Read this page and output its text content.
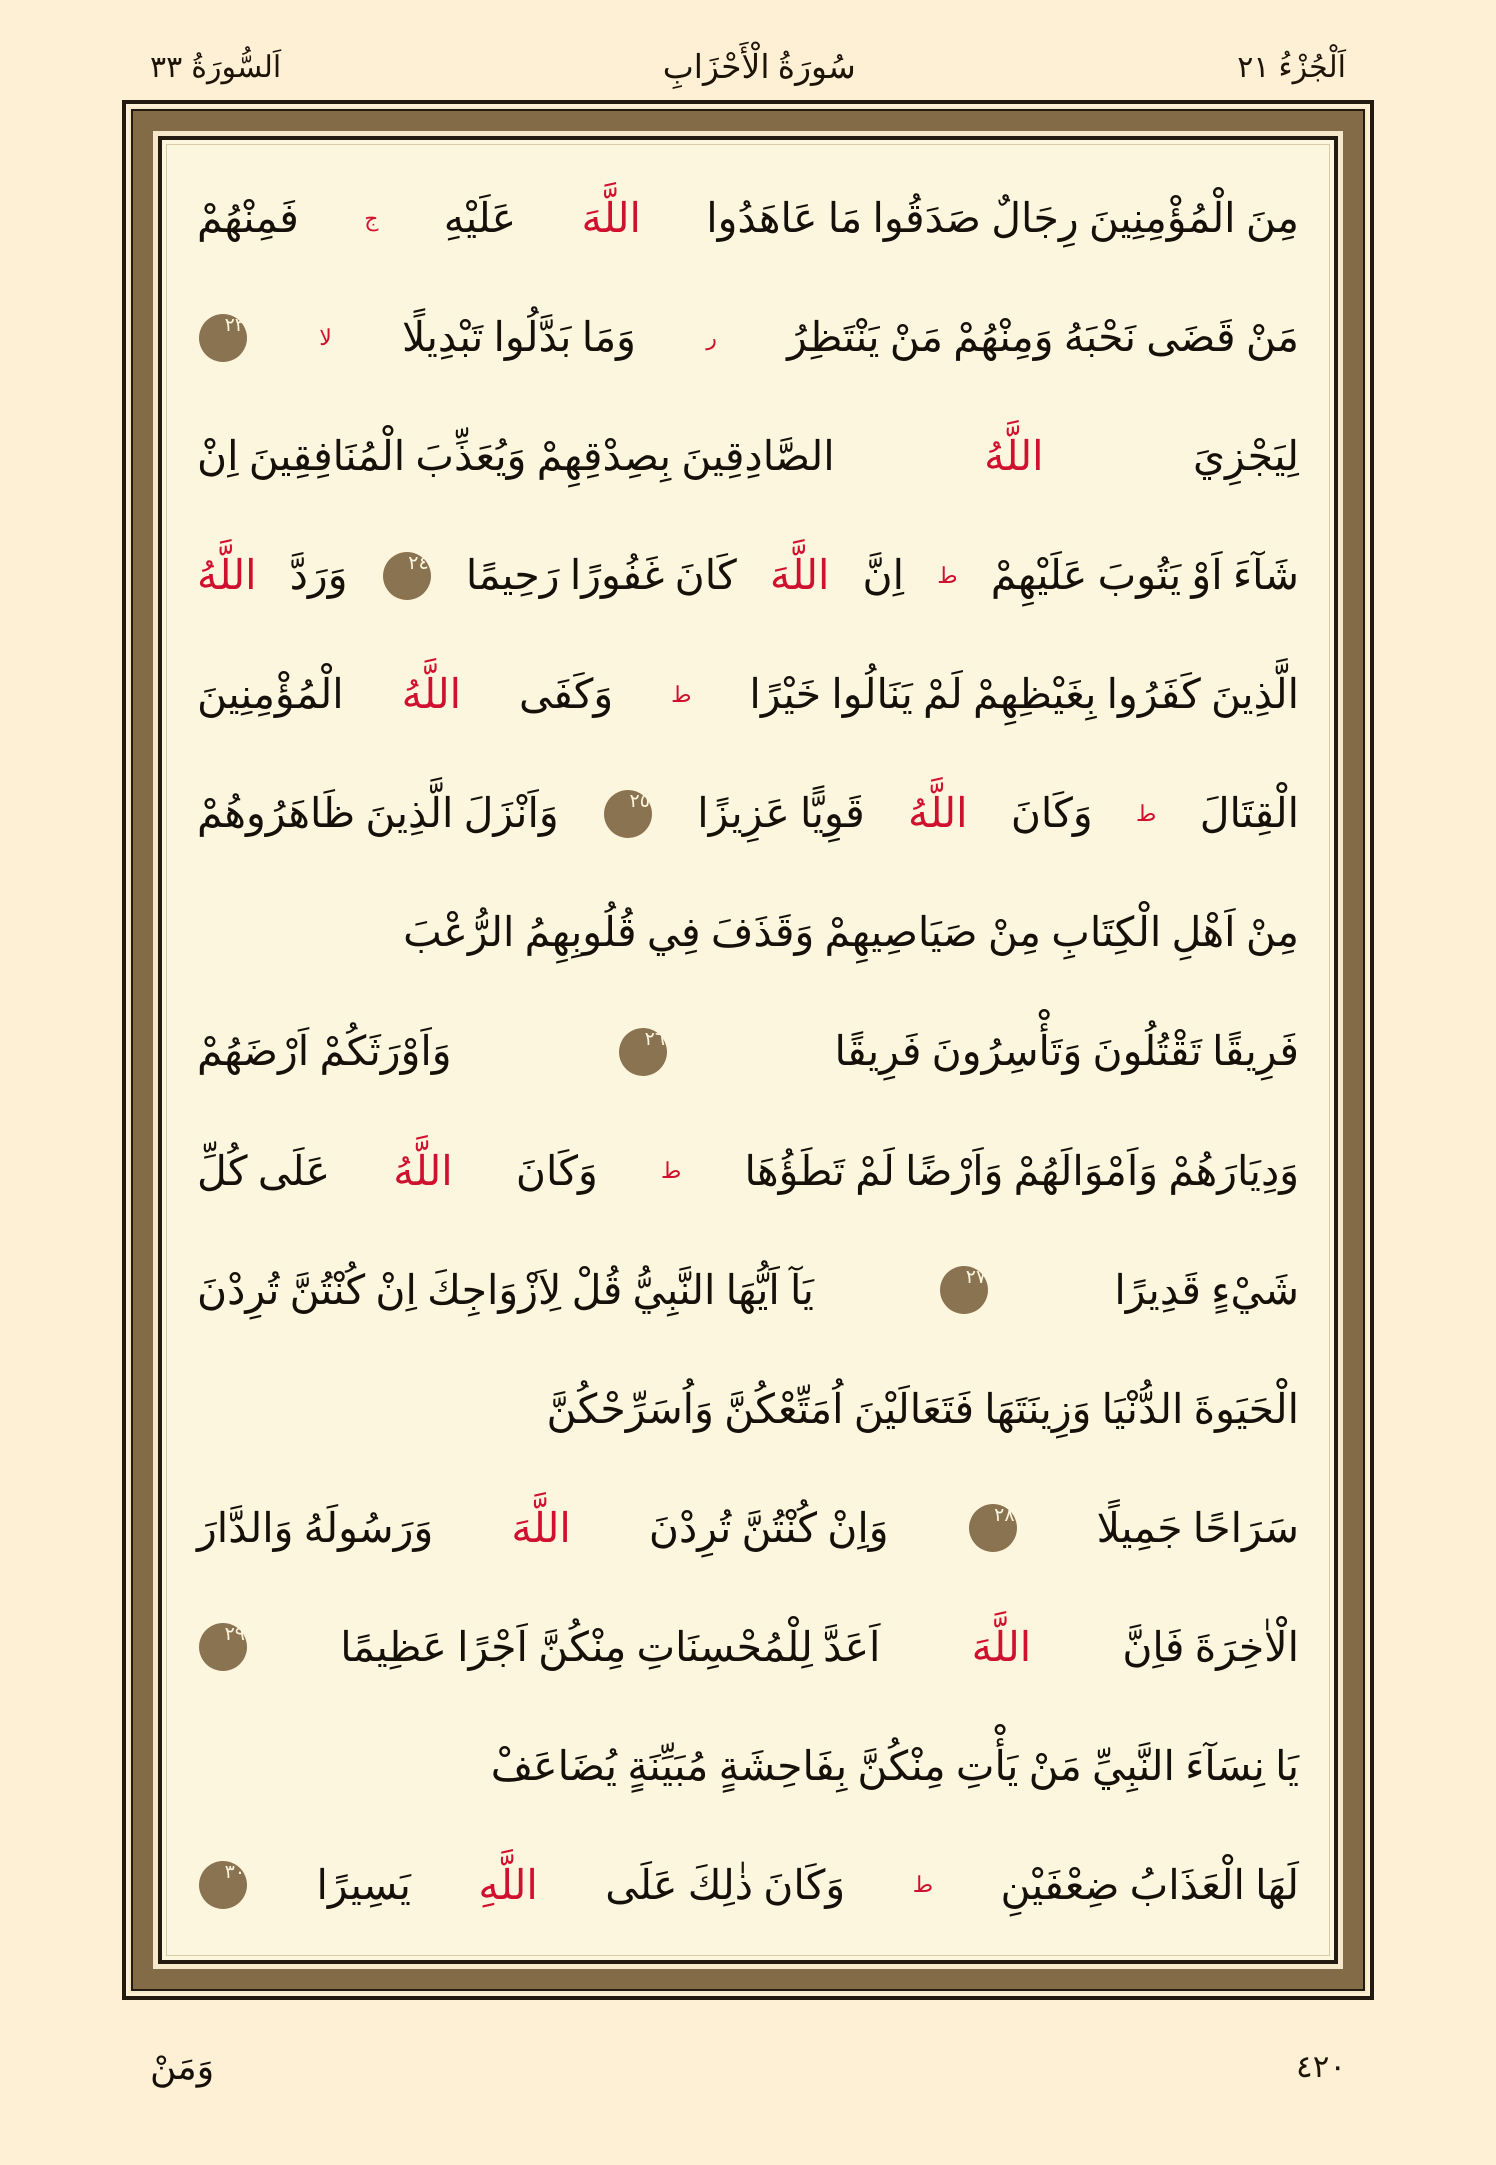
اَلْجُزْءُ
٢١
سُورَةُ الْأَحْزَابِ
اَلسُّورَةُ
٣٣
مِنَ الْمُؤْمِنِينَ رِجَالٌ صَدَقُوا مَا عَاهَدُوا
اللَّهَ
عَلَيْهِ
ج
فَمِنْهُمْ
مَنْ قَضَى نَحْبَهُ وَمِنْهُمْ مَنْ يَنْتَظِرُ
ر
وَمَا بَدَّلُوا تَبْدِيلًا
لا
٢٣
لِيَجْزِيَ
اللَّهُ
الصَّادِقِينَ بِصِدْقِهِمْ وَيُعَذِّبَ الْمُنَافِقِينَ اِنْ
شَآءَ اَوْ يَتُوبَ عَلَيْهِمْ
ط
اِنَّ
اللَّهَ
كَانَ غَفُورًا رَحِيمًا
٢٤
وَرَدَّ
اللَّهُ
الَّذِينَ كَفَرُوا بِغَيْظِهِمْ لَمْ يَنَالُوا خَيْرًا
ط
وَكَفَى
اللَّهُ
الْمُؤْمِنِينَ
الْقِتَالَ
ط
وَكَانَ
اللَّهُ
قَوِيًّا عَزِيزًا
٢٥
وَاَنْزَلَ الَّذِينَ ظَاهَرُوهُمْ
مِنْ اَهْلِ الْكِتَابِ مِنْ صَيَاصِيهِمْ وَقَذَفَ فِي قُلُوبِهِمُ الرُّعْبَ
فَرِيقًا تَقْتُلُونَ وَتَأْسِرُونَ فَرِيقًا
٢٦
وَاَوْرَثَكُمْ اَرْضَهُمْ
وَدِيَارَهُمْ وَاَمْوَالَهُمْ وَاَرْضًا لَمْ تَطَؤُهَا
ط
وَكَانَ
اللَّهُ
عَلَى كُلِّ
شَيْءٍ قَدِيرًا
٢٧
يَآ اَيُّهَا النَّبِيُّ قُلْ لِاَزْوَاجِكَ اِنْ كُنْتُنَّ تُرِدْنَ
الْحَيَوةَ الدُّنْيَا وَزِينَتَهَا فَتَعَالَيْنَ اُمَتِّعْكُنَّ وَاُسَرِّحْكُنَّ
سَرَاحًا جَمِيلًا
٢٨
وَاِنْ كُنْتُنَّ تُرِدْنَ
اللَّهَ
وَرَسُولَهُ وَالدَّارَ
الْاٰخِرَةَ فَاِنَّ
اللَّهَ
اَعَدَّ لِلْمُحْسِنَاتِ مِنْكُنَّ اَجْرًا عَظِيمًا
٢٩
يَا نِسَآءَ النَّبِيِّ مَنْ يَأْتِ مِنْكُنَّ بِفَاحِشَةٍ مُبَيِّنَةٍ يُضَاعَفْ
لَهَا الْعَذَابُ ضِعْفَيْنِ
ط
وَكَانَ ذٰلِكَ عَلَى
اللَّهِ
يَسِيرًا
٣٠
٤٢٠
وَمَنْ
